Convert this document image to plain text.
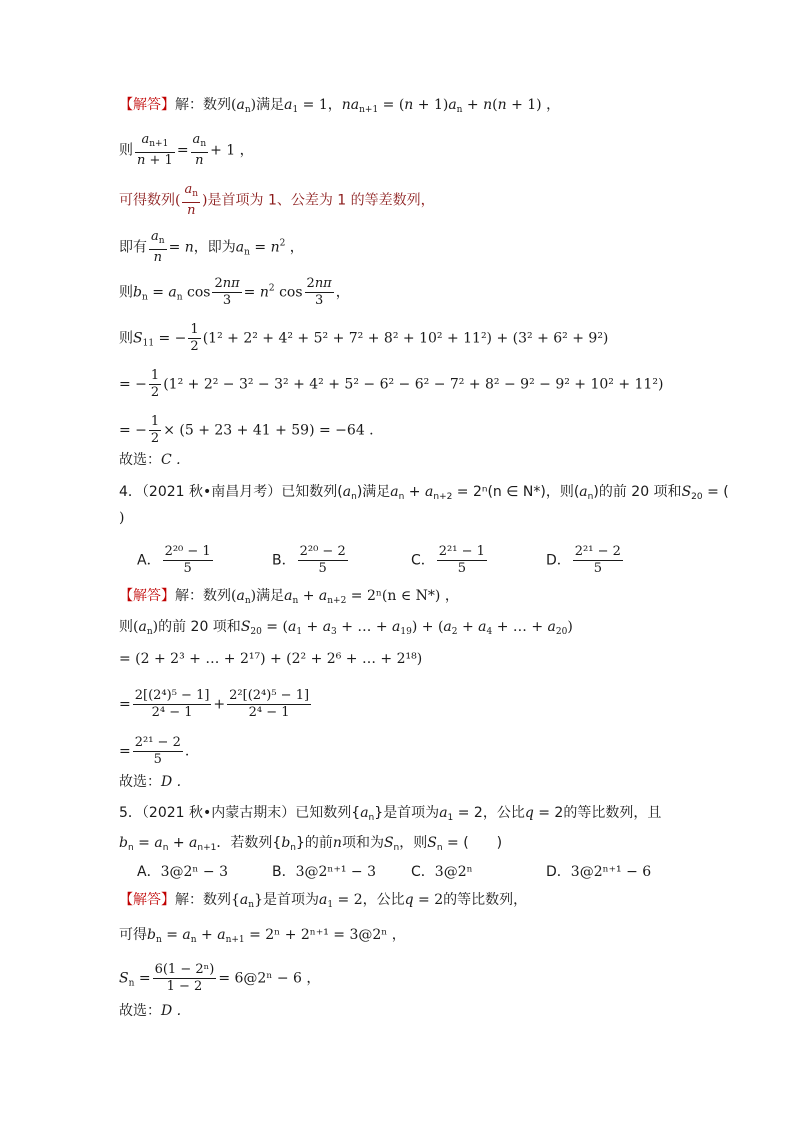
【解答】解：数列$(a_n)$满足$a_1 = 1$，$na_{n+1} = (n + 1)a_n + n(n + 1)$ ，
则 $\frac{a_{n+1}}{n + 1} = \frac{a_n}{n} + 1$ ，
可得数列( $\frac{a_n}{n}$ )是首项为 1、公差为 1 的等差数列，
即有 $\frac{a_n}{n} = n$，即为$a_n = n^2$ ，
则$b_n = a_n$ $\cos \frac{2n\pi}{3} = n^2$ $\cos \frac{2n\pi}{3}$ ，
则$S_{11}$ = − $\frac{1}{2} (1^2 + 2^2 + 4^2 + 5^2 + 7^2 + 8^2 + 10^2 + 11^2) + (3^2 + 6^2 + 9^2)$
= − $\frac{1}{2} (1^2 + 2^2 - 3^2 - 3^2 + 4^2 + 5^2 - 6^2 - 6^2 - 7^2 + 8^2 - 9^2 - 9^2 + 10^2 + 11^2)$
= − $\frac{1}{2} \times (5 + 23 + 41 + 59) = -64$ .
故选：C .
4．（2021 秋•南昌月考）已知数列$(a_n)$满足$a_n + a_{n+2} = 2^n(n$ ∈ N*)，则$(a_n)$的前 20 项和$S_{20}$ = (
)
A． $\frac{\text{2²⁰ − 1}}{5}$	B． $\frac{\text{2²⁰ − 2}}{5}$	C． $\frac{\text{2²¹ − 1}}{5}$	D． $\frac{\text{2²¹ − 2}}{5}$
【解答】解：数列$(a_n)$满足$a_n + a_{n+2} = 2^n(n$ ∈ N*) ，
则$(a_n)$的前 20 项和$S_{20} = (a_1 + a_3$ + … + $a_{19}) + (a_2 + a_4$ + … + $a_{20}$)
= (2 + 2³ + … + 2¹⁷) + (2² + 2⁶ + … + 2¹⁸)
= $\frac{\text{2[(2⁴)⁵ − 1]}}{\text{2⁴ − 1}} + \frac{\text{2²[(2⁴)⁵ − 1]}}{\text{2⁴ − 1}}$
= $\frac{\text{2²¹ − 2}}{5}$ .
故选：D .
5．（2021 秋•内蒙古期末）已知数列$\{a_n\}$是首项为$a_1 = 2$，公比q = 2的等比数列，且
$b_n = a_n + a_{n+1}$．若数列$\{b_n\}$的前n项和为$S_n$，则$S_n$ = (　　)
A．3@2ⁿ − 3	B．3@2ⁿ⁺¹ − 3 C．3@2ⁿ	D．3@2ⁿ⁺¹ − 6
【解答】解：数列$\{a_n\}$是首项为$a_1 = 2$，公比q = 2的等比数列，
可得$b_n = a_n + a_{n+1} = 2^n + 2^{n+1}$ = 3@2ⁿ ，
$S_n = \frac{\text{6(1 − 2ⁿ)}}{1 - 2}$ = 6@2ⁿ − 6 ，
故选：D .
